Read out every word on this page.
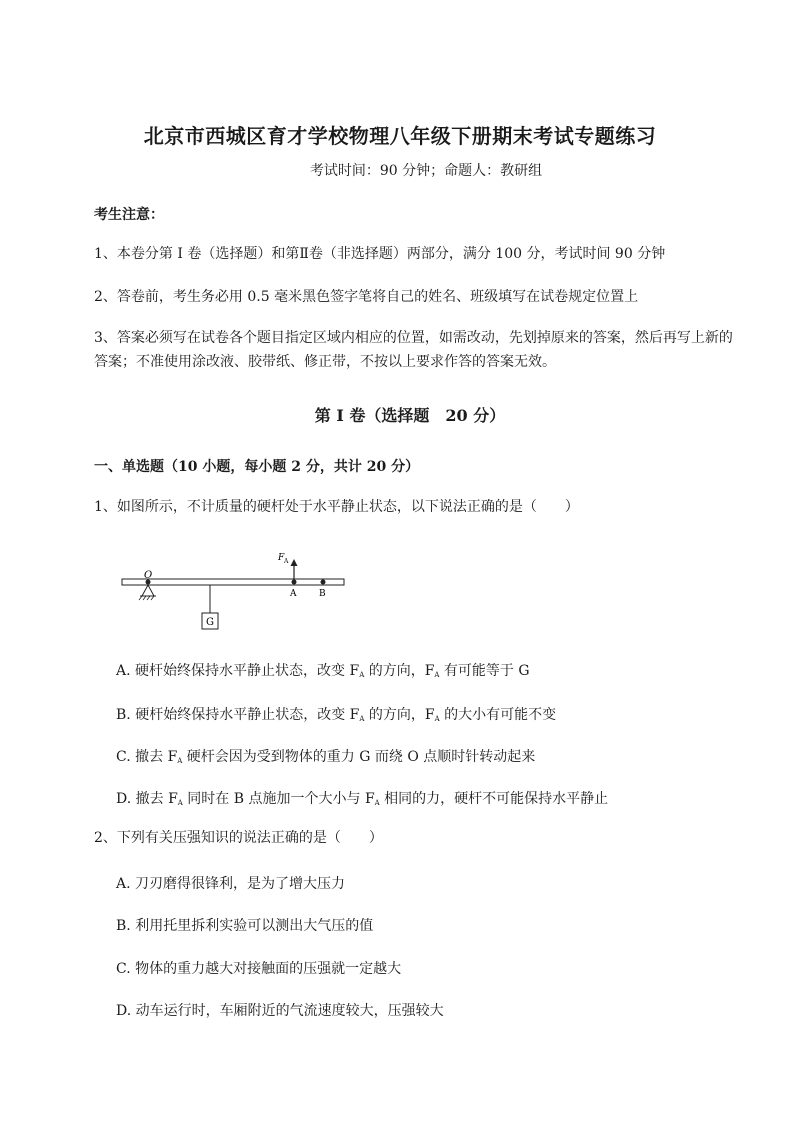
北京市西城区育才学校物理八年级下册期末考试专题练习
考试时间：90 分钟；命题人：教研组
考生注意：
1、本卷分第 I 卷（选择题）和第Ⅱ卷（非选择题）两部分，满分 100 分，考试时间 90 分钟
2、答卷前，考生务必用 0.5 毫米黑色签字笔将自己的姓名、班级填写在试卷规定位置上
3、答案必须写在试卷各个题目指定区域内相应的位置，如需改动，先划掉原来的答案，然后再写上新的答案；不准使用涂改液、胶带纸、修正带，不按以上要求作答的答案无效。
第 I 卷（选择题　20 分）
一、单选题（10 小题，每小题 2 分，共计 20 分）
1、如图所示，不计质量的硬杆处于水平静止状态，以下说法正确的是（　　）
O
G
F A
A	B
A. 硬杆始终保持水平静止状态，改变 $F_A$ 的方向，$F_A$ 有可能等于 G
B. 硬杆始终保持水平静止状态，改变 $F_A$ 的方向，$F_A$ 的大小有可能不变
C. 撤去 $F_A$ 硬杆会因为受到物体的重力 G 而绕 O 点顺时针转动起来
D. 撤去 $F_A$ 同时在 B 点施加一个大小与 $F_A$ 相同的力，硬杆不可能保持水平静止
2、下列有关压强知识的说法正确的是（　　）
A. 刀刃磨得很锋利，是为了增大压力
B. 利用托里拆利实验可以测出大气压的值
C. 物体的重力越大对接触面的压强就一定越大
D. 动车运行时，车厢附近的气流速度较大，压强较大
